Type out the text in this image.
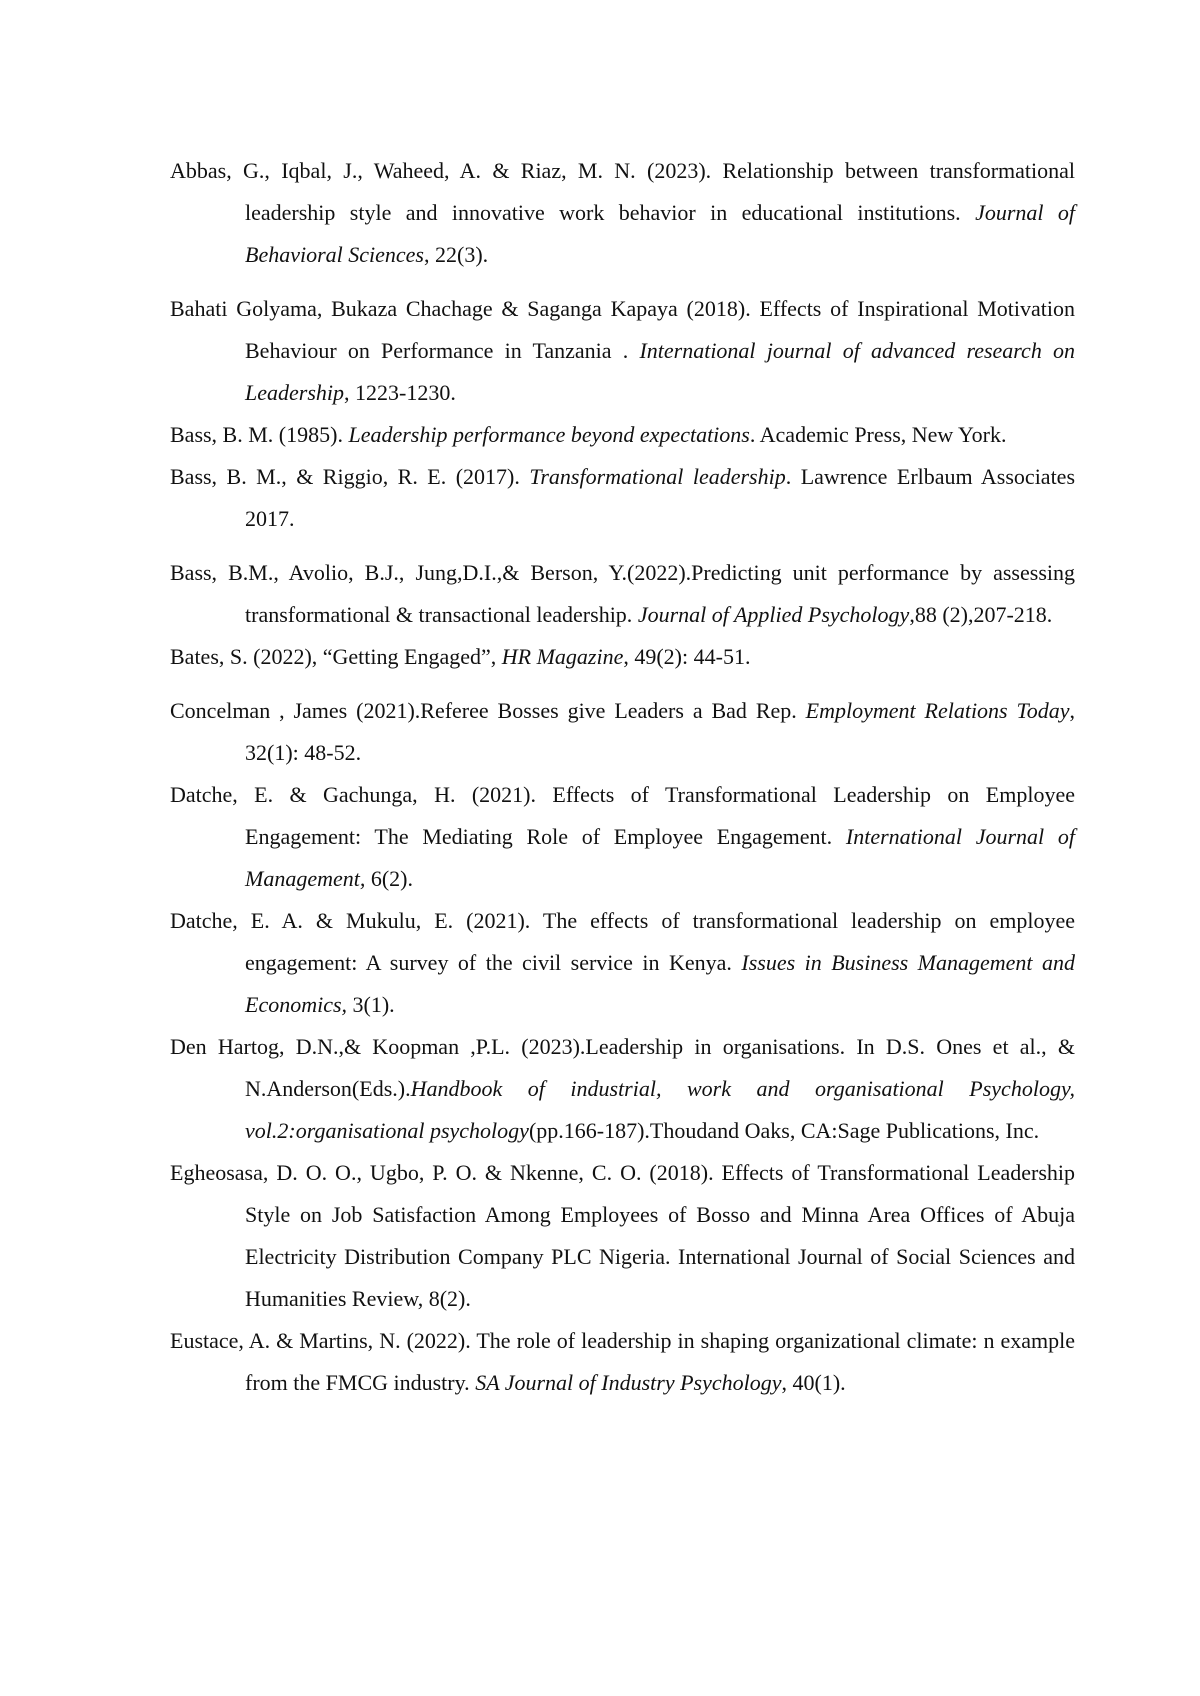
Abbas, G., Iqbal, J., Waheed, A. & Riaz, M. N. (2023). Relationship between transformational leadership style and innovative work behavior in educational institutions. Journal of Behavioral Sciences, 22(3).

Bahati Golyama, Bukaza Chachage & Saganga Kapaya (2018). Effects of Inspirational Motivation Behaviour on Performance in Tanzania . International journal of advanced research on Leadership, 1223-1230.

Bass, B. M. (1985). Leadership performance beyond expectations. Academic Press, New York.

Bass, B. M., & Riggio, R. E. (2017). Transformational leadership. Lawrence Erlbaum Associates 2017.

Bass, B.M., Avolio, B.J., Jung,D.I.,& Berson, Y.(2022).Predicting unit performance by assessing transformational & transactional leadership. Journal of Applied Psychology,88 (2),207-218.

Bates, S. (2022), “Getting Engaged”, HR Magazine, 49(2): 44-51.

Concelman , James (2021).Referee Bosses give Leaders a Bad Rep. Employment Relations Today, 32(1): 48-52.

Datche, E. & Gachunga, H. (2021). Effects of Transformational Leadership on Employee Engagement: The Mediating Role of Employee Engagement. International Journal of Management, 6(2).

Datche, E. A. & Mukulu, E. (2021). The effects of transformational leadership on employee engagement: A survey of the civil service in Kenya. Issues in Business Management and Economics, 3(1).

Den Hartog, D.N.,& Koopman ,P.L. (2023).Leadership in organisations. In D.S. Ones et al., & N.Anderson(Eds.).Handbook of industrial, work and organisational Psychology, vol.2:organisational psychology(pp.166-187).Thoudand Oaks, CA:Sage Publications, Inc.

Egheosasa, D. O. O., Ugbo, P. O. & Nkenne, C. O. (2018). Effects of Transformational Leadership Style on Job Satisfaction Among Employees of Bosso and Minna Area Offices of Abuja Electricity Distribution Company PLC Nigeria. International Journal of Social Sciences and Humanities Review, 8(2).

Eustace, A. & Martins, N. (2022). The role of leadership in shaping organizational climate: n example from the FMCG industry. SA Journal of Industry Psychology, 40(1).
